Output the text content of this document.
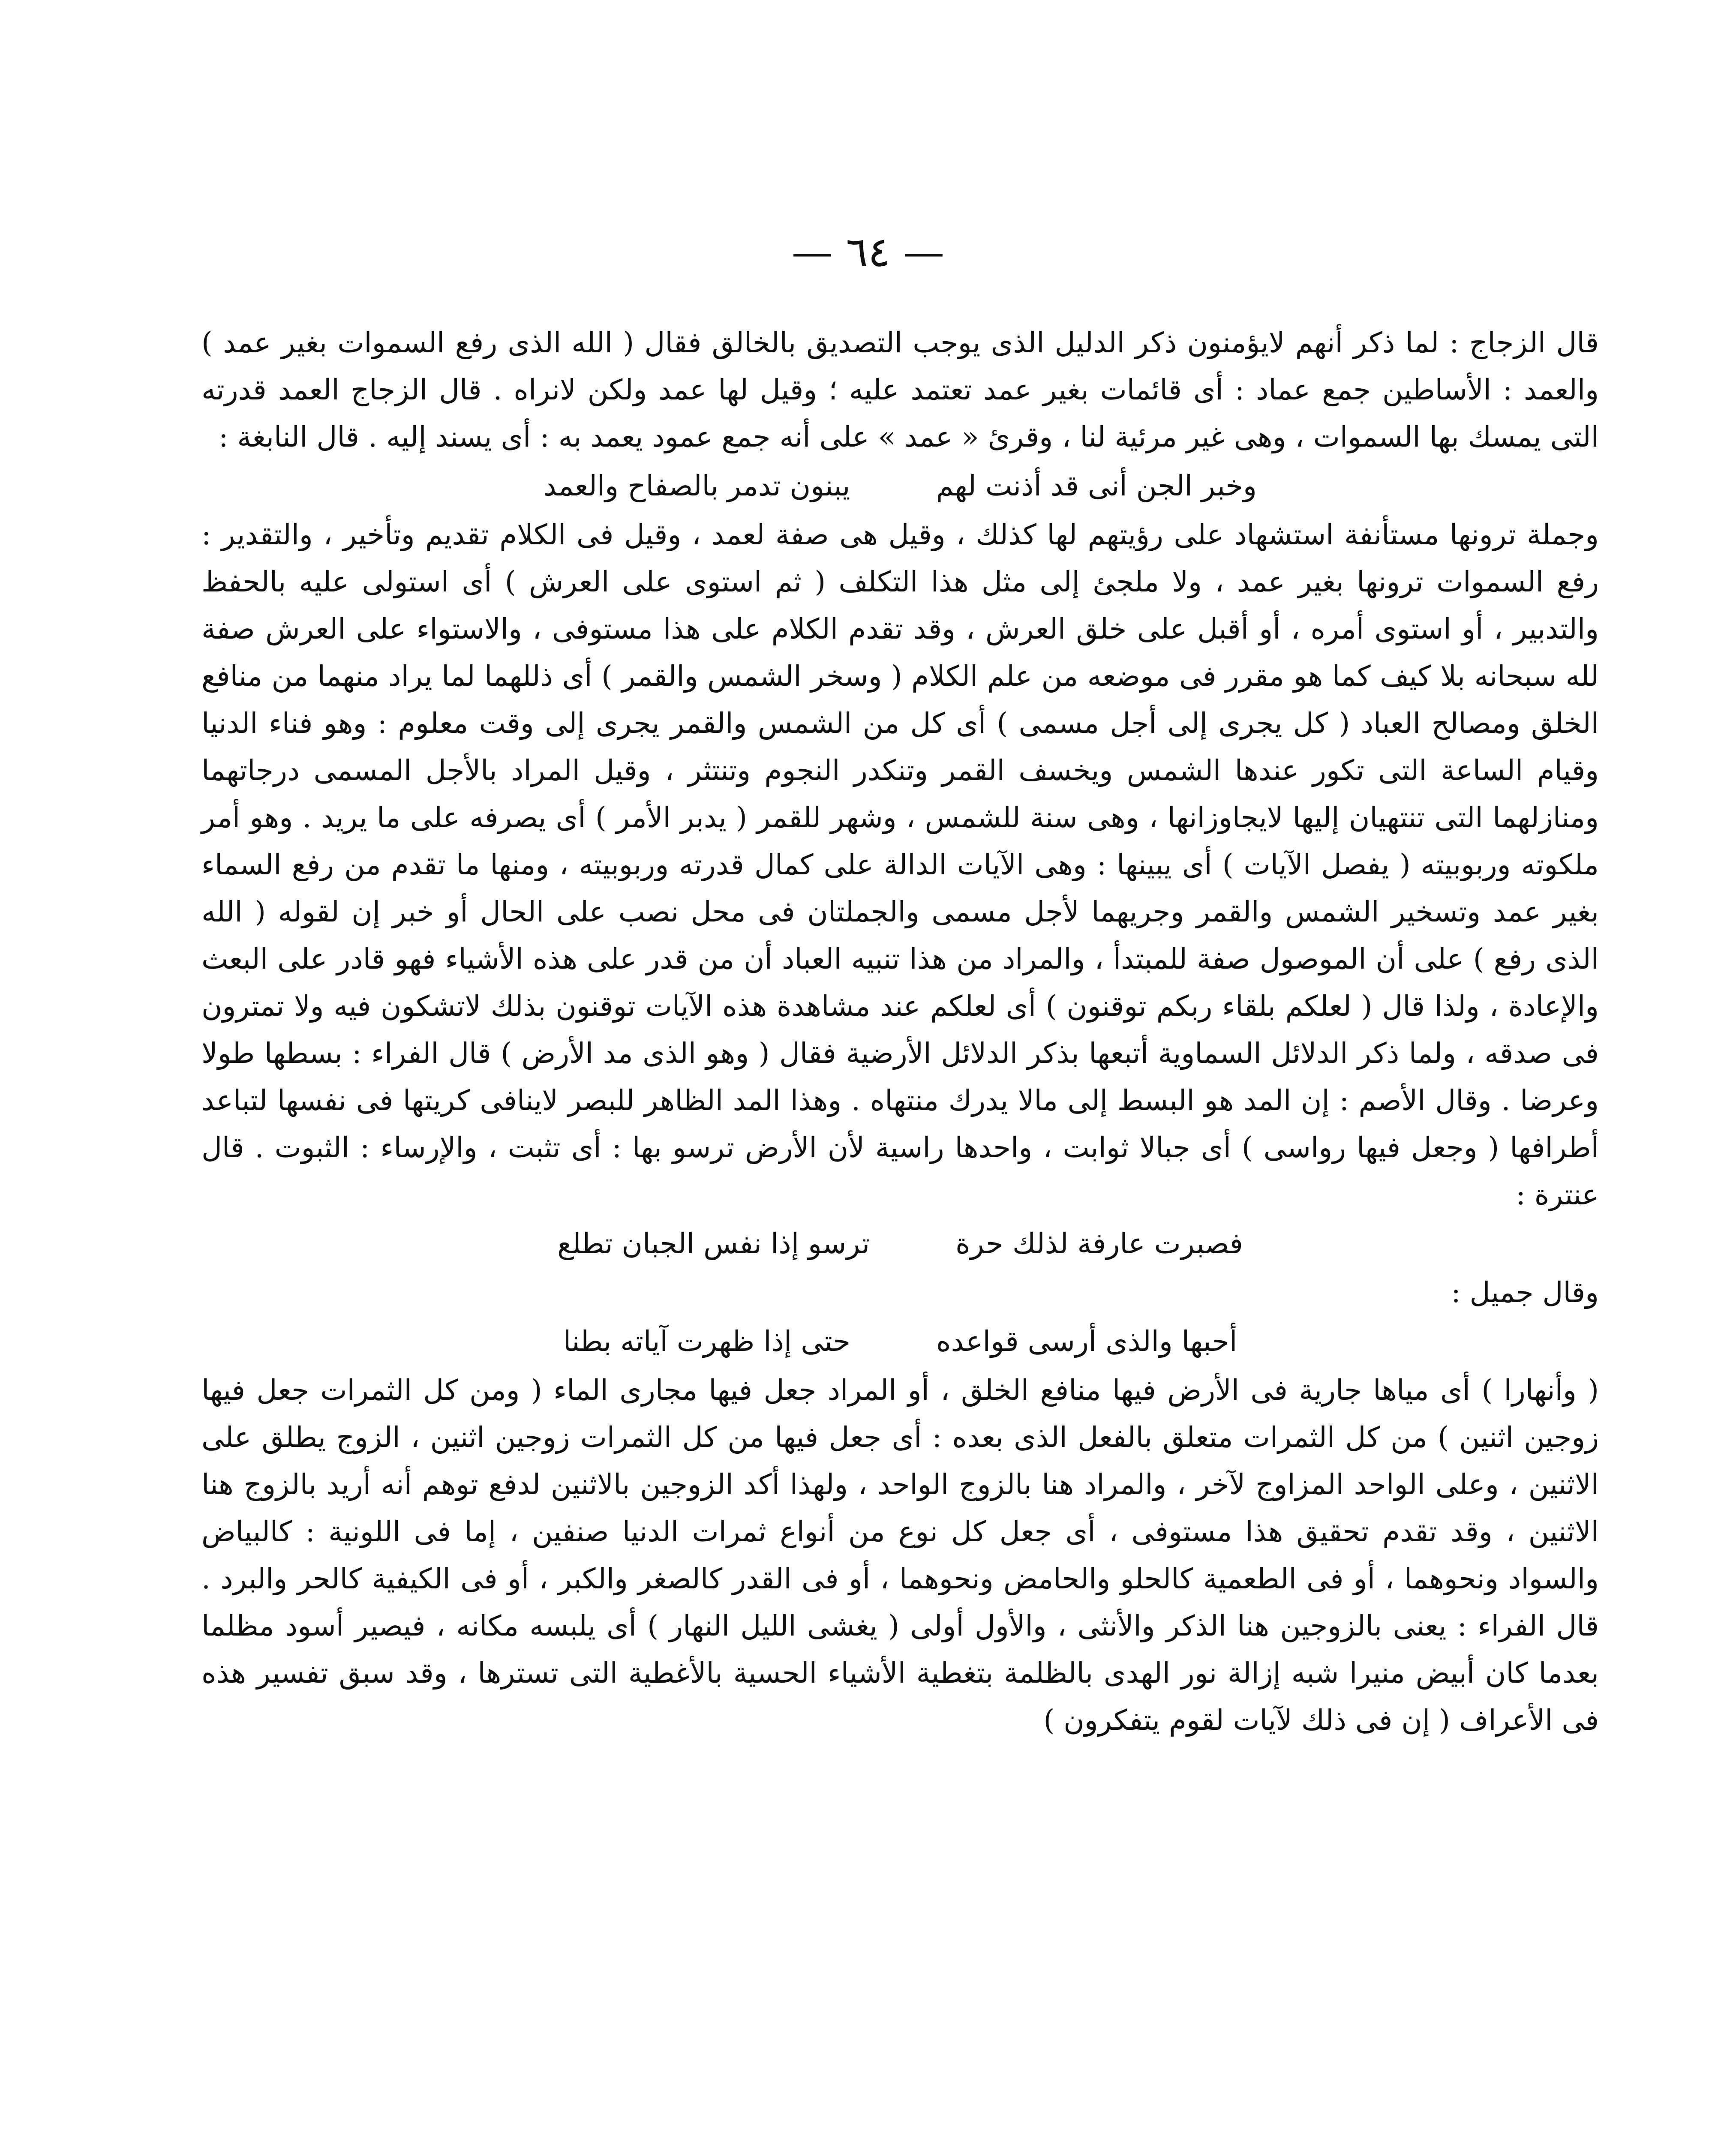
— ٦٤ —

قال الزجاج : لما ذكر أنهم لايؤمنون ذكر الدليل الذى يوجب التصديق بالخالق فقال ( الله الذى رفع السموات بغير عمد ) والعمد : الأساطين جمع عماد : أى قائمات بغير عمد تعتمد عليه ؛ وقيل لها عمد ولكن لانراه . قال الزجاج العمد قدرته التى يمسك بها السموات ، وهى غير مرئية لنا ، وقرئ « عمد » على أنه جمع عمود يعمد به : أى يسند إليه . قال النابغة :

وخبر الجن أنى قد أذنت لهم
يبنون تدمر بالصفاح والعمد

وجملة ترونها مستأنفة استشهاد على رؤيتهم لها كذلك ، وقيل هى صفة لعمد ، وقيل فى الكلام تقديم وتأخير ، والتقدير : رفع السموات ترونها بغير عمد ، ولا ملجئ إلى مثل هذا التكلف ( ثم استوى على العرش ) أى استولى عليه بالحفظ والتدبير ، أو استوى أمره ، أو أقبل على خلق العرش ، وقد تقدم الكلام على هذا مستوفى ، والاستواء على العرش صفة لله سبحانه بلا كيف كما هو مقرر فى موضعه من علم الكلام ( وسخر الشمس والقمر ) أى ذللهما لما يراد منهما من منافع الخلق ومصالح العباد ( كل يجرى إلى أجل مسمى ) أى كل من الشمس والقمر يجرى إلى وقت معلوم : وهو فناء الدنيا وقيام الساعة التى تكور عندها الشمس ويخسف القمر وتنكدر النجوم وتنتثر ، وقيل المراد بالأجل المسمى درجاتهما ومنازلهما التى تنتهيان إليها لايجاوزانها ، وهى سنة للشمس ، وشهر للقمر ( يدبر الأمر ) أى يصرفه على ما يريد . وهو أمر ملكوته وربوبيته ( يفصل الآيات ) أى يبينها : وهى الآيات الدالة على كمال قدرته وربوبيته ، ومنها ما تقدم من رفع السماء بغير عمد وتسخير الشمس والقمر وجريهما لأجل مسمى والجملتان فى محل نصب على الحال أو خبر إن لقوله ( الله الذى رفع ) على أن الموصول صفة للمبتدأ ، والمراد من هذا تنبيه العباد أن من قدر على هذه الأشياء فهو قادر على البعث والإعادة ، ولذا قال ( لعلكم بلقاء ربكم توقنون ) أى لعلكم عند مشاهدة هذه الآيات توقنون بذلك لاتشكون فيه ولا تمترون فى صدقه ، ولما ذكر الدلائل السماوية أتبعها بذكر الدلائل الأرضية فقال ( وهو الذى مد الأرض ) قال الفراء : بسطها طولا وعرضا . وقال الأصم : إن المد هو البسط إلى مالا يدرك منتهاه . وهذا المد الظاهر للبصر لاينافى كريتها فى نفسها لتباعد أطرافها ( وجعل فيها رواسى ) أى جبالا ثوابت ، واحدها راسية لأن الأرض ترسو بها : أى تثبت ، والإرساء : الثبوت . قال عنترة :

فصبرت عارفة لذلك حرة
ترسو إذا نفس الجبان تطلع

وقال جميل :

أحبها والذى أرسى قواعده
حتى إذا ظهرت آياته بطنا

( وأنهارا ) أى مياها جارية فى الأرض فيها منافع الخلق ، أو المراد جعل فيها مجارى الماء ( ومن كل الثمرات جعل فيها زوجين اثنين ) من كل الثمرات متعلق بالفعل الذى بعده : أى جعل فيها من كل الثمرات زوجين اثنين ، الزوج يطلق على الاثنين ، وعلى الواحد المزاوج لآخر ، والمراد هنا بالزوج الواحد ، ولهذا أكد الزوجين بالاثنين لدفع توهم أنه أريد بالزوج هنا الاثنين ، وقد تقدم تحقيق هذا مستوفى ، أى جعل كل نوع من أنواع ثمرات الدنيا صنفين ، إما فى اللونية : كالبياض والسواد ونحوهما ، أو فى الطعمية كالحلو والحامض ونحوهما ، أو فى القدر كالصغر والكبر ، أو فى الكيفية كالحر والبرد . قال الفراء : يعنى بالزوجين هنا الذكر والأنثى ، والأول أولى ( يغشى الليل النهار ) أى يلبسه مكانه ، فيصير أسود مظلما بعدما كان أبيض منيرا شبه إزالة نور الهدى بالظلمة بتغطية الأشياء الحسية بالأغطية التى تسترها ، وقد سبق تفسير هذه فى الأعراف ( إن فى ذلك لآيات لقوم يتفكرون )
